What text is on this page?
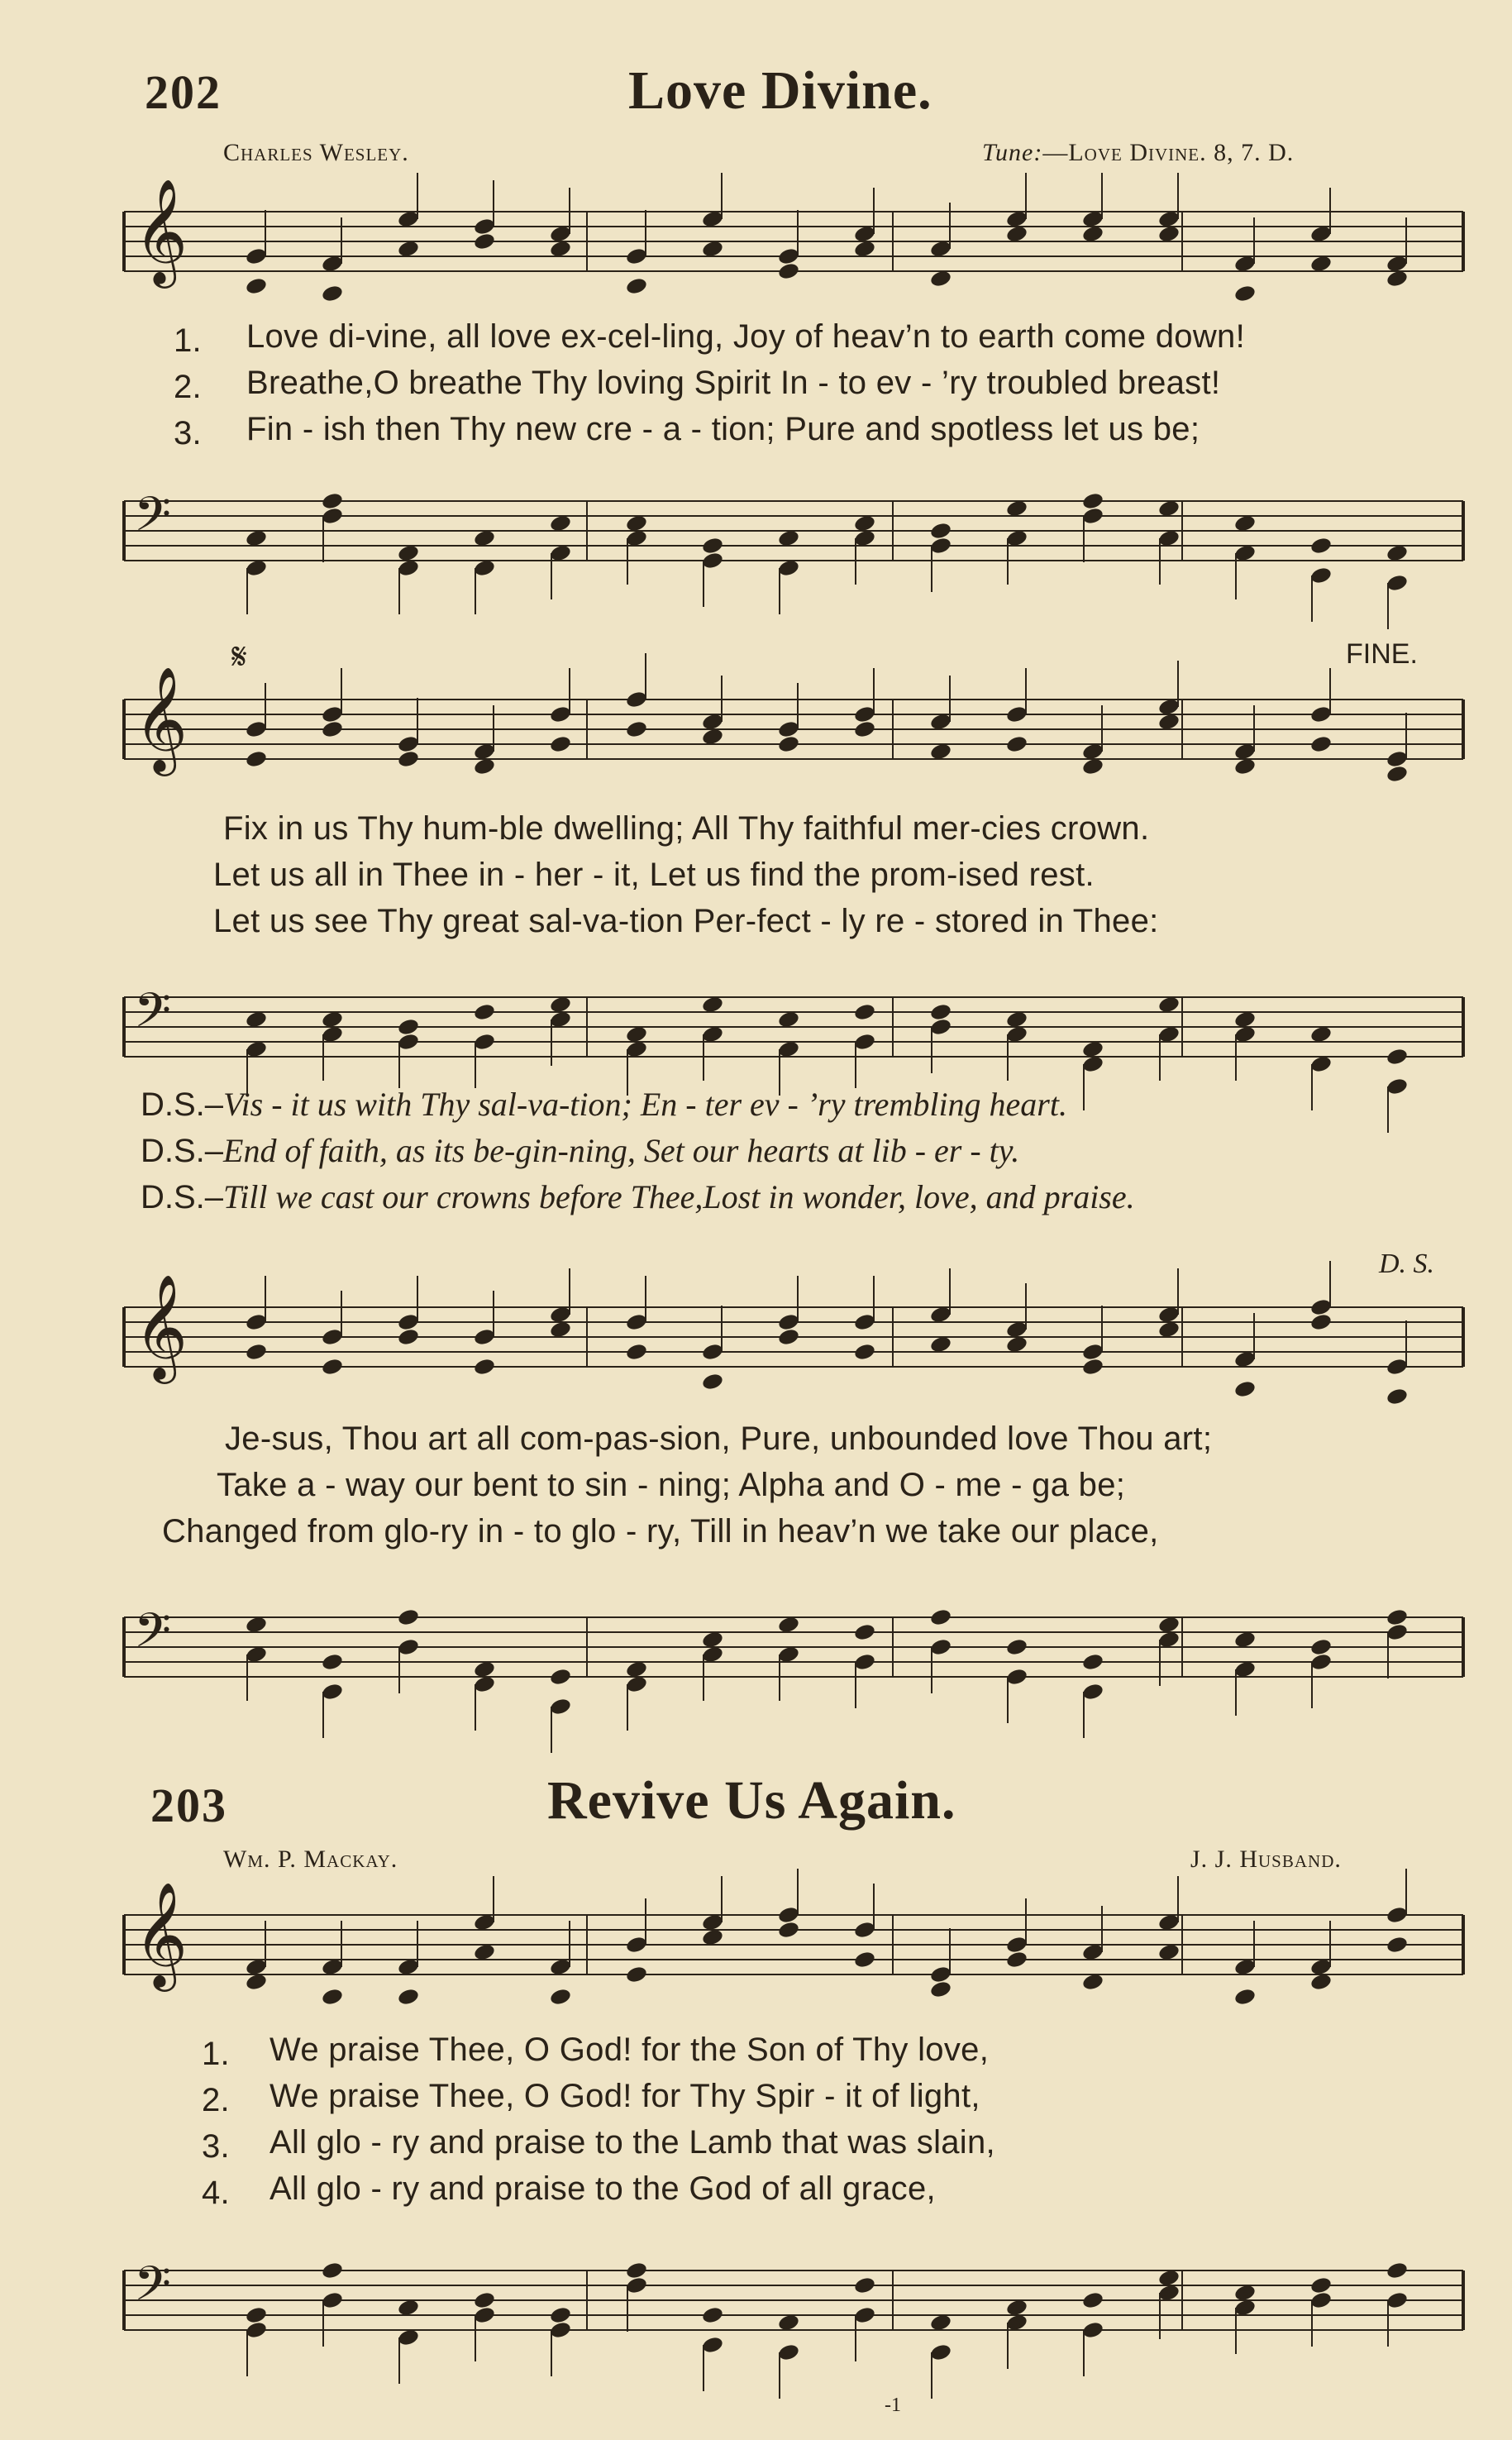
202	Love Divine.
Charles Wesley.	Tune:—Love Divine. 8, 7. D.
𝄞
1. Love di-vine, all love ex-cel-ling, Joy of heav’n to earth come down!
2. Breathe,O breathe Thy loving Spirit In - to ev - ’ry troubled breast!
3. Fin - ish then Thy new cre - a - tion; Pure and spotless let us be;
𝄢
𝄋	FINE.
𝄞
Fix in us Thy hum-ble dwelling; All Thy faithful mer-cies crown.
Let us all in Thee in - her - it, Let us find the prom-ised rest.
Let us see Thy great sal-va-tion Per-fect - ly re - stored in Thee:
𝄢
D.S.–Vis - it us with Thy sal-va-tion; En - ter ev - ’ry trembling heart.
D.S.–End of faith, as its be-gin-ning, Set our hearts at lib - er - ty.
D.S.–Till we cast our crowns before Thee,Lost in wonder, love, and praise.
D. S.
𝄞
Je-sus, Thou art all com-pas-sion, Pure, unbounded love Thou art;
Take a - way our bent to sin - ning; Alpha and O - me - ga be;
Changed from glo-ry in - to glo - ry, Till in heav’n we take our place,
𝄢
203	Revive Us Again.
Wm. P. Mackay.	J. J. Husband.
𝄞
1. We praise Thee, O God! for the Son of Thy love,
2. We praise Thee, O God! for Thy Spir - it of light,
3. All glo - ry and praise to the Lamb that was slain,
4. All glo - ry and praise to the God of all grace,
𝄢
-1
